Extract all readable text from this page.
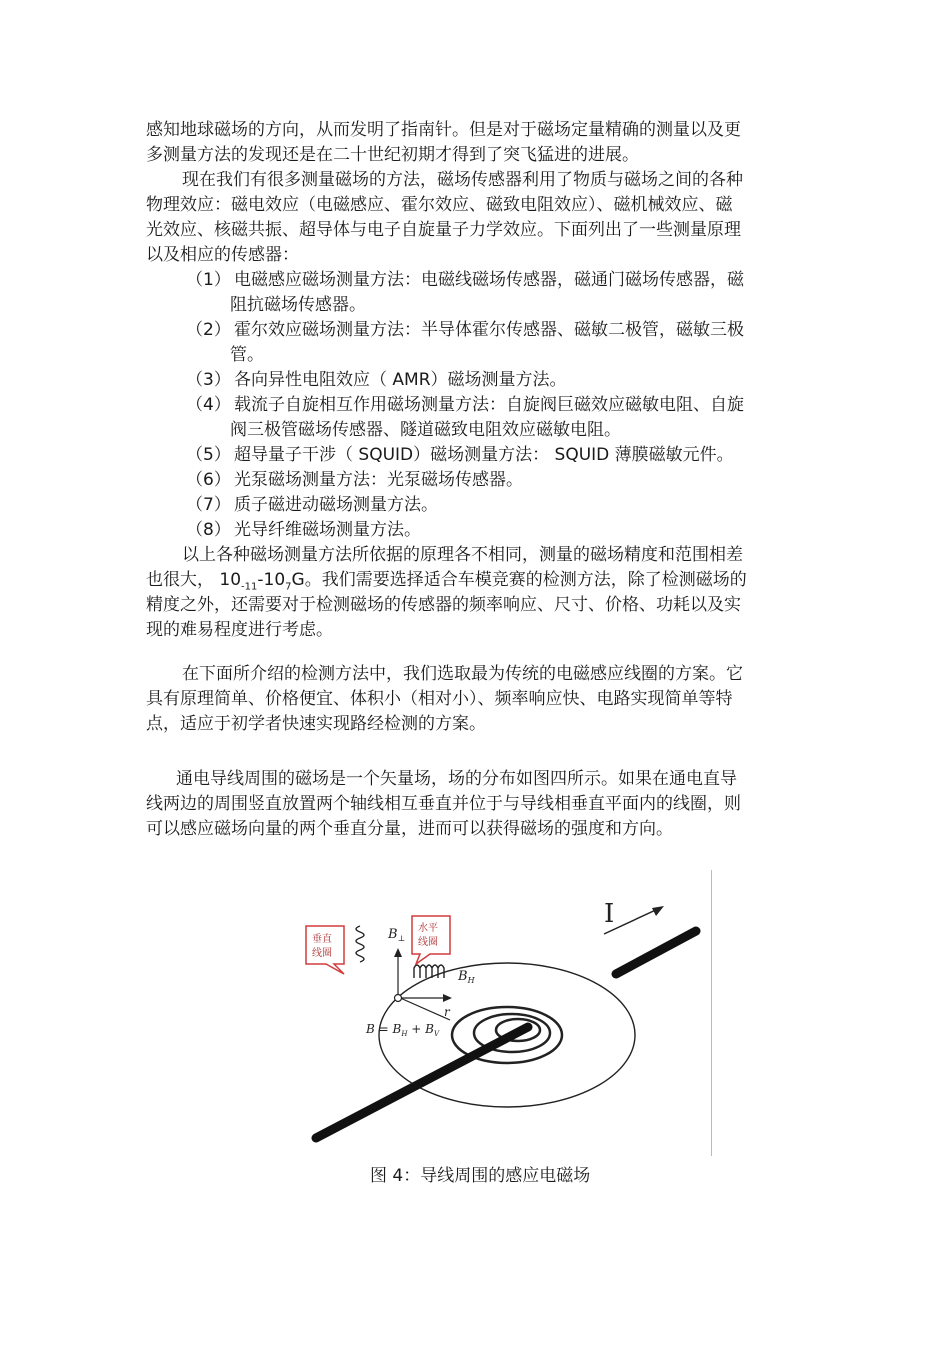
感知地球磁场的方向，从而发明了指南针。但是对于磁场定量精确的测量以及更
多测量方法的发现还是在二十世纪初期才得到了突飞猛进的进展。

现在我们有很多测量磁场的方法，磁场传感器利用了物质与磁场之间的各种
物理效应：磁电效应（电磁感应、霍尔效应、磁致电阻效应）、磁机械效应、磁
光效应、核磁共振、超导体与电子自旋量子力学效应。下面列出了一些测量原理
以及相应的传感器：

（1） 电磁感应磁场测量方法：电磁线磁场传感器，磁通门磁场传感器，磁
阻抗磁场传感器。

（2） 霍尔效应磁场测量方法：半导体霍尔传感器、磁敏二极管，磁敏三极
管。

（3） 各向异性电阻效应（ AMR）磁场测量方法。

（4） 载流子自旋相互作用磁场测量方法：自旋阀巨磁效应磁敏电阻、自旋
阀三极管磁场传感器、隧道磁致电阻效应磁敏电阻。

（5） 超导量子干涉（ SQUID）磁场测量方法： SQUID 薄膜磁敏元件。

（6） 光泵磁场测量方法：光泵磁场传感器。

（7） 质子磁进动磁场测量方法。

（8） 光导纤维磁场测量方法。

以上各种磁场测量方法所依据的原理各不相同，测量的磁场精度和范围相差
也很大， $10_{-11}-10_7G$。我们需要选择适合车模竞赛的检测方法，除了检测磁场的
精度之外，还需要对于检测磁场的传感器的频率响应、尺寸、价格、功耗以及实
现的难易程度进行考虑。

在下面所介绍的检测方法中，我们选取最为传统的电磁感应线圈的方案。它
具有原理简单、价格便宜、体积小（相对小）、频率响应快、电路实现简单等特
点，适应于初学者快速实现路经检测的方案。

通电导线周围的磁场是一个矢量场，场的分布如图四所示。如果在通电直导
线两边的周围竖直放置两个轴线相互垂直并位于与导线相垂直平面内的线圈，则
可以感应磁场向量的两个垂直分量，进而可以获得磁场的强度和方向。

I
r
$B_\perp$
$B_H$
$B = B_H + B_V$
垂直
线圈
水平
线圈
图 4：导线周围的感应电磁场
